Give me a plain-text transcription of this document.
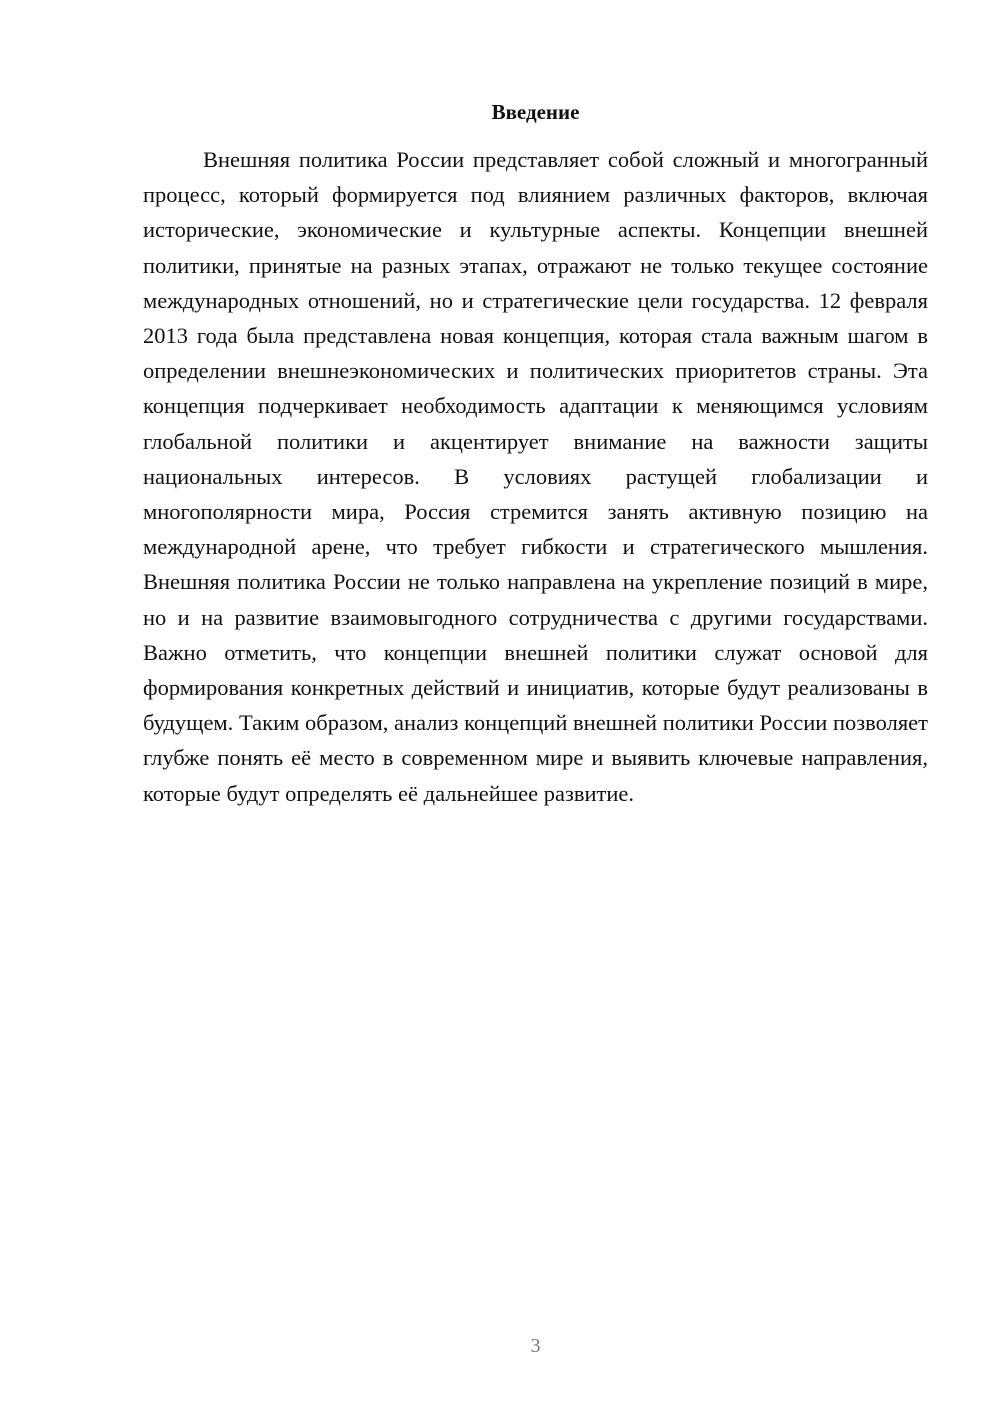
Введение

Внешняя политика России представляет собой сложный и многогранный процесс, который формируется под влиянием различных факторов, включая исторические, экономические и культурные аспекты. Концепции внешней политики, принятые на разных этапах, отражают не только текущее состояние международных отношений, но и стратегические цели государства. 12 февраля 2013 года была представлена новая концепция, которая стала важным шагом в определении внешнеэкономических и политических приоритетов страны. Эта концепция подчеркивает необходимость адаптации к меняющимся условиям глобальной политики и акцентирует внимание на важности защиты национальных интересов. В условиях растущей глобализации и многополярности мира, Россия стремится занять активную позицию на международной арене, что требует гибкости и стратегического мышления. Внешняя политика России не только направлена на укрепление позиций в мире, но и на развитие взаимовыгодного сотрудничества с другими государствами. Важно отметить, что концепции внешней политики служат основой для формирования конкретных действий и инициатив, которые будут реализованы в будущем. Таким образом, анализ концепций внешней политики России позволяет глубже понять её место в современном мире и выявить ключевые направления, которые будут определять её дальнейшее развитие.

3
